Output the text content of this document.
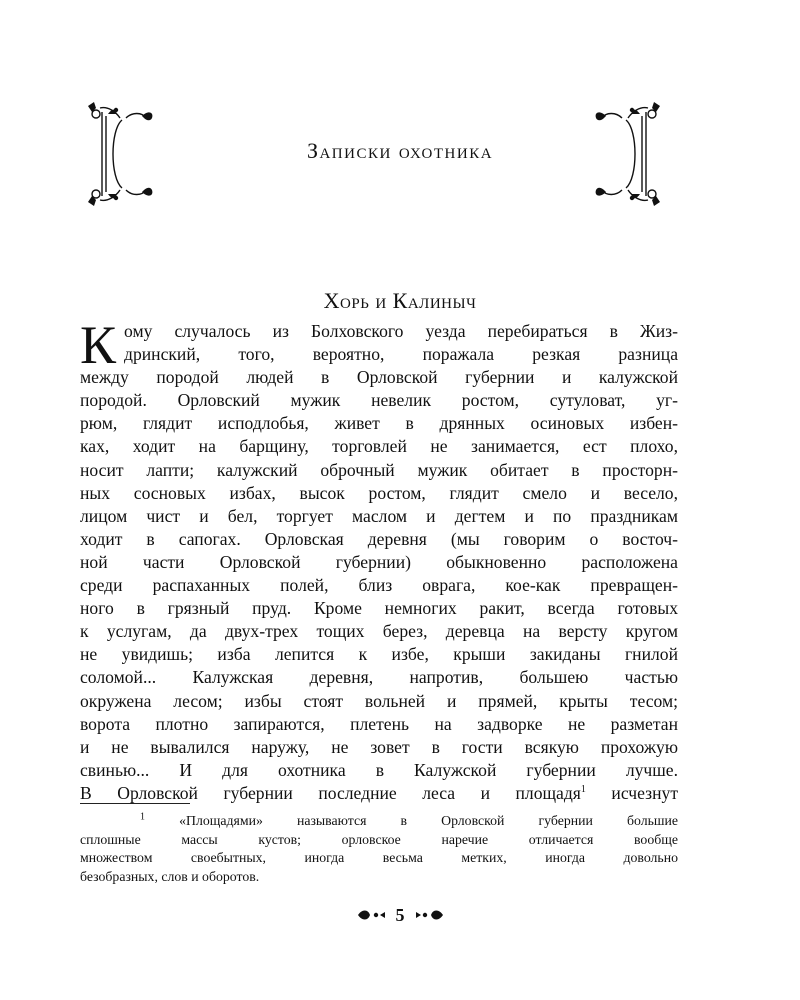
Записки охотника
Хорь и Калиныч
К ому случалось из Болховского уезда перебираться в Жиз-
дринский, того, вероятно, поражала резкая разница
между породой людей в Орловской губернии и калужской
породой. Орловский мужик невелик ростом, сутуловат, уг-
рюм, глядит исподлобья, живет в дрянных осиновых избен-
ках, ходит на барщину, торговлей не занимается, ест плохо,
носит лапти; калужский оброчный мужик обитает в просторн-
ных сосновых избах, высок ростом, глядит смело и весело,
лицом чист и бел, торгует маслом и дегтем и по праздникам
ходит в сапогах. Орловская деревня (мы говорим о восточ-
ной части Орловской губернии) обыкновенно расположена
среди распаханных полей, близ оврага, кое-как превращен-
ного в грязный пруд. Кроме немногих ракит, всегда готовых
к услугам, да двух-трех тощих берез, деревца на версту кругом
не увидишь; изба лепится к избе, крыши закиданы гнилой
соломой... Калужская деревня, напротив, большею частью
окружена лесом; избы стоят вольней и прямей, крыты тесом;
ворота плотно запираются, плетень на задворке не разметан
и не вывалился наружу, не зовет в гости всякую прохожую
свинью... И для охотника в Калужской губернии лучше.
В Орловской губернии последние леса и площадя$^1$ исчезнут
$^1$ «Площадями» называются в Орловской губернии большие
сплошные массы кустов; орловское наречие отличается вообще
множеством своебытных, иногда весьма метких, иногда довольно
безобразных, слов и оборотов.
5
